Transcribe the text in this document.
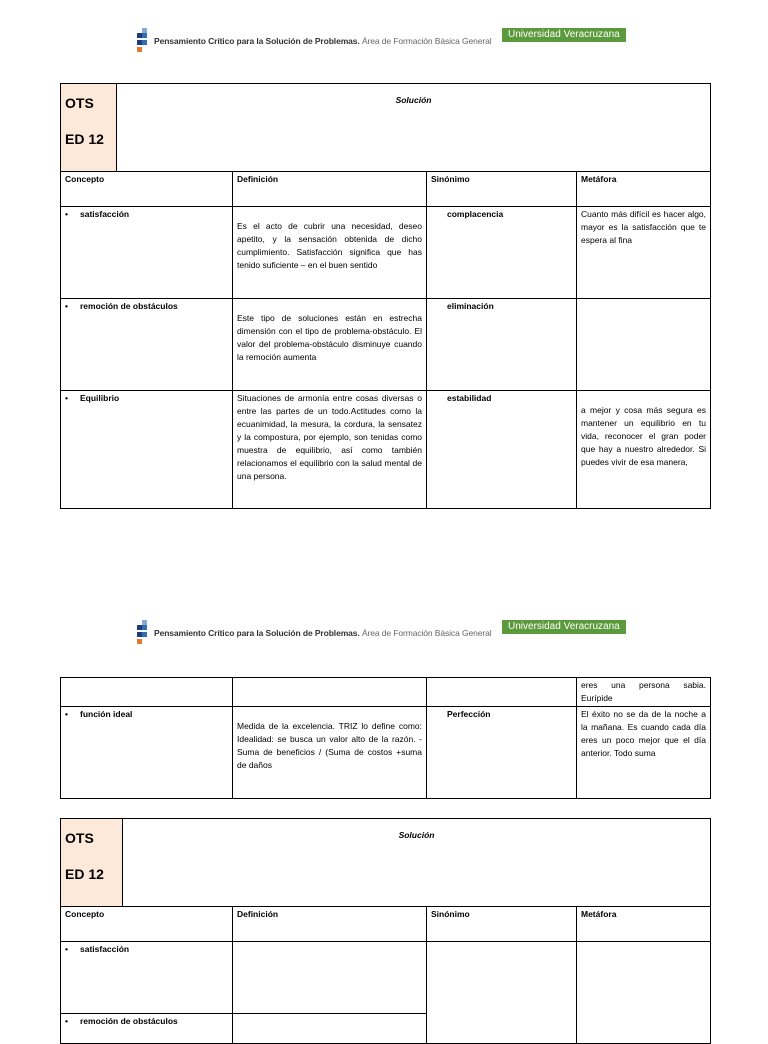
Pensamiento Crítico para la Solución de Problemas. Área de Formación Básica General
Universidad Veracruzana
OTS
ED 12	Solución			
Concepto		Definición	Sinónimo	Metáfora
• satisfacción		Es el acto de cubrir una necesidad, deseo apetito, y la sensación obtenida de dicho cumplimiento. Satisfacción significa que has tenido suficiente – en el buen sentido	complacencia	Cuanto más difícil es hacer algo, mayor es la satisfacción que te espera al fina
• remoción de obstáculos		Este tipo de soluciones están en estrecha dimensión con el tipo de problema-obstáculo. El valor del problema-obstáculo disminuye cuando la remoción aumenta	eliminación	
• Equilibrio		Situaciones de armonía entre cosas diversas o entre las partes de un todo.Actitudes como la ecuanimidad, la mesura, la cordura, la sensatez y la compostura, por ejemplo, son tenidas como muestra de equilibrio, así como también relacionamos el equilibrio con la salud mental de una persona.	estabilidad	a mejor y cosa más segura es mantener un equilibrio en tu vida, reconocer el gran poder que hay a nuestro alrededor. Si puedes vivir de esa manera,
Pensamiento Crítico para la Solución de Problemas. Área de Formación Básica General
Universidad Veracruzana
			eres una persona sabia. Eurípide
• función ideal	Medida de la excelencia. TRIZ lo define como: Idealidad: se busca un valor alto de la razón. -Suma de beneficios / (Suma de costos +suma de daños	Perfección	El éxito no se da de la noche a la mañana. Es cuando cada día eres un poco mejor que el día anterior. Todo suma
OTS
ED 12	Solución			
Concepto		Definición	Sinónimo	Metáfora
• satisfacción			
• remoción de obstáculos	
